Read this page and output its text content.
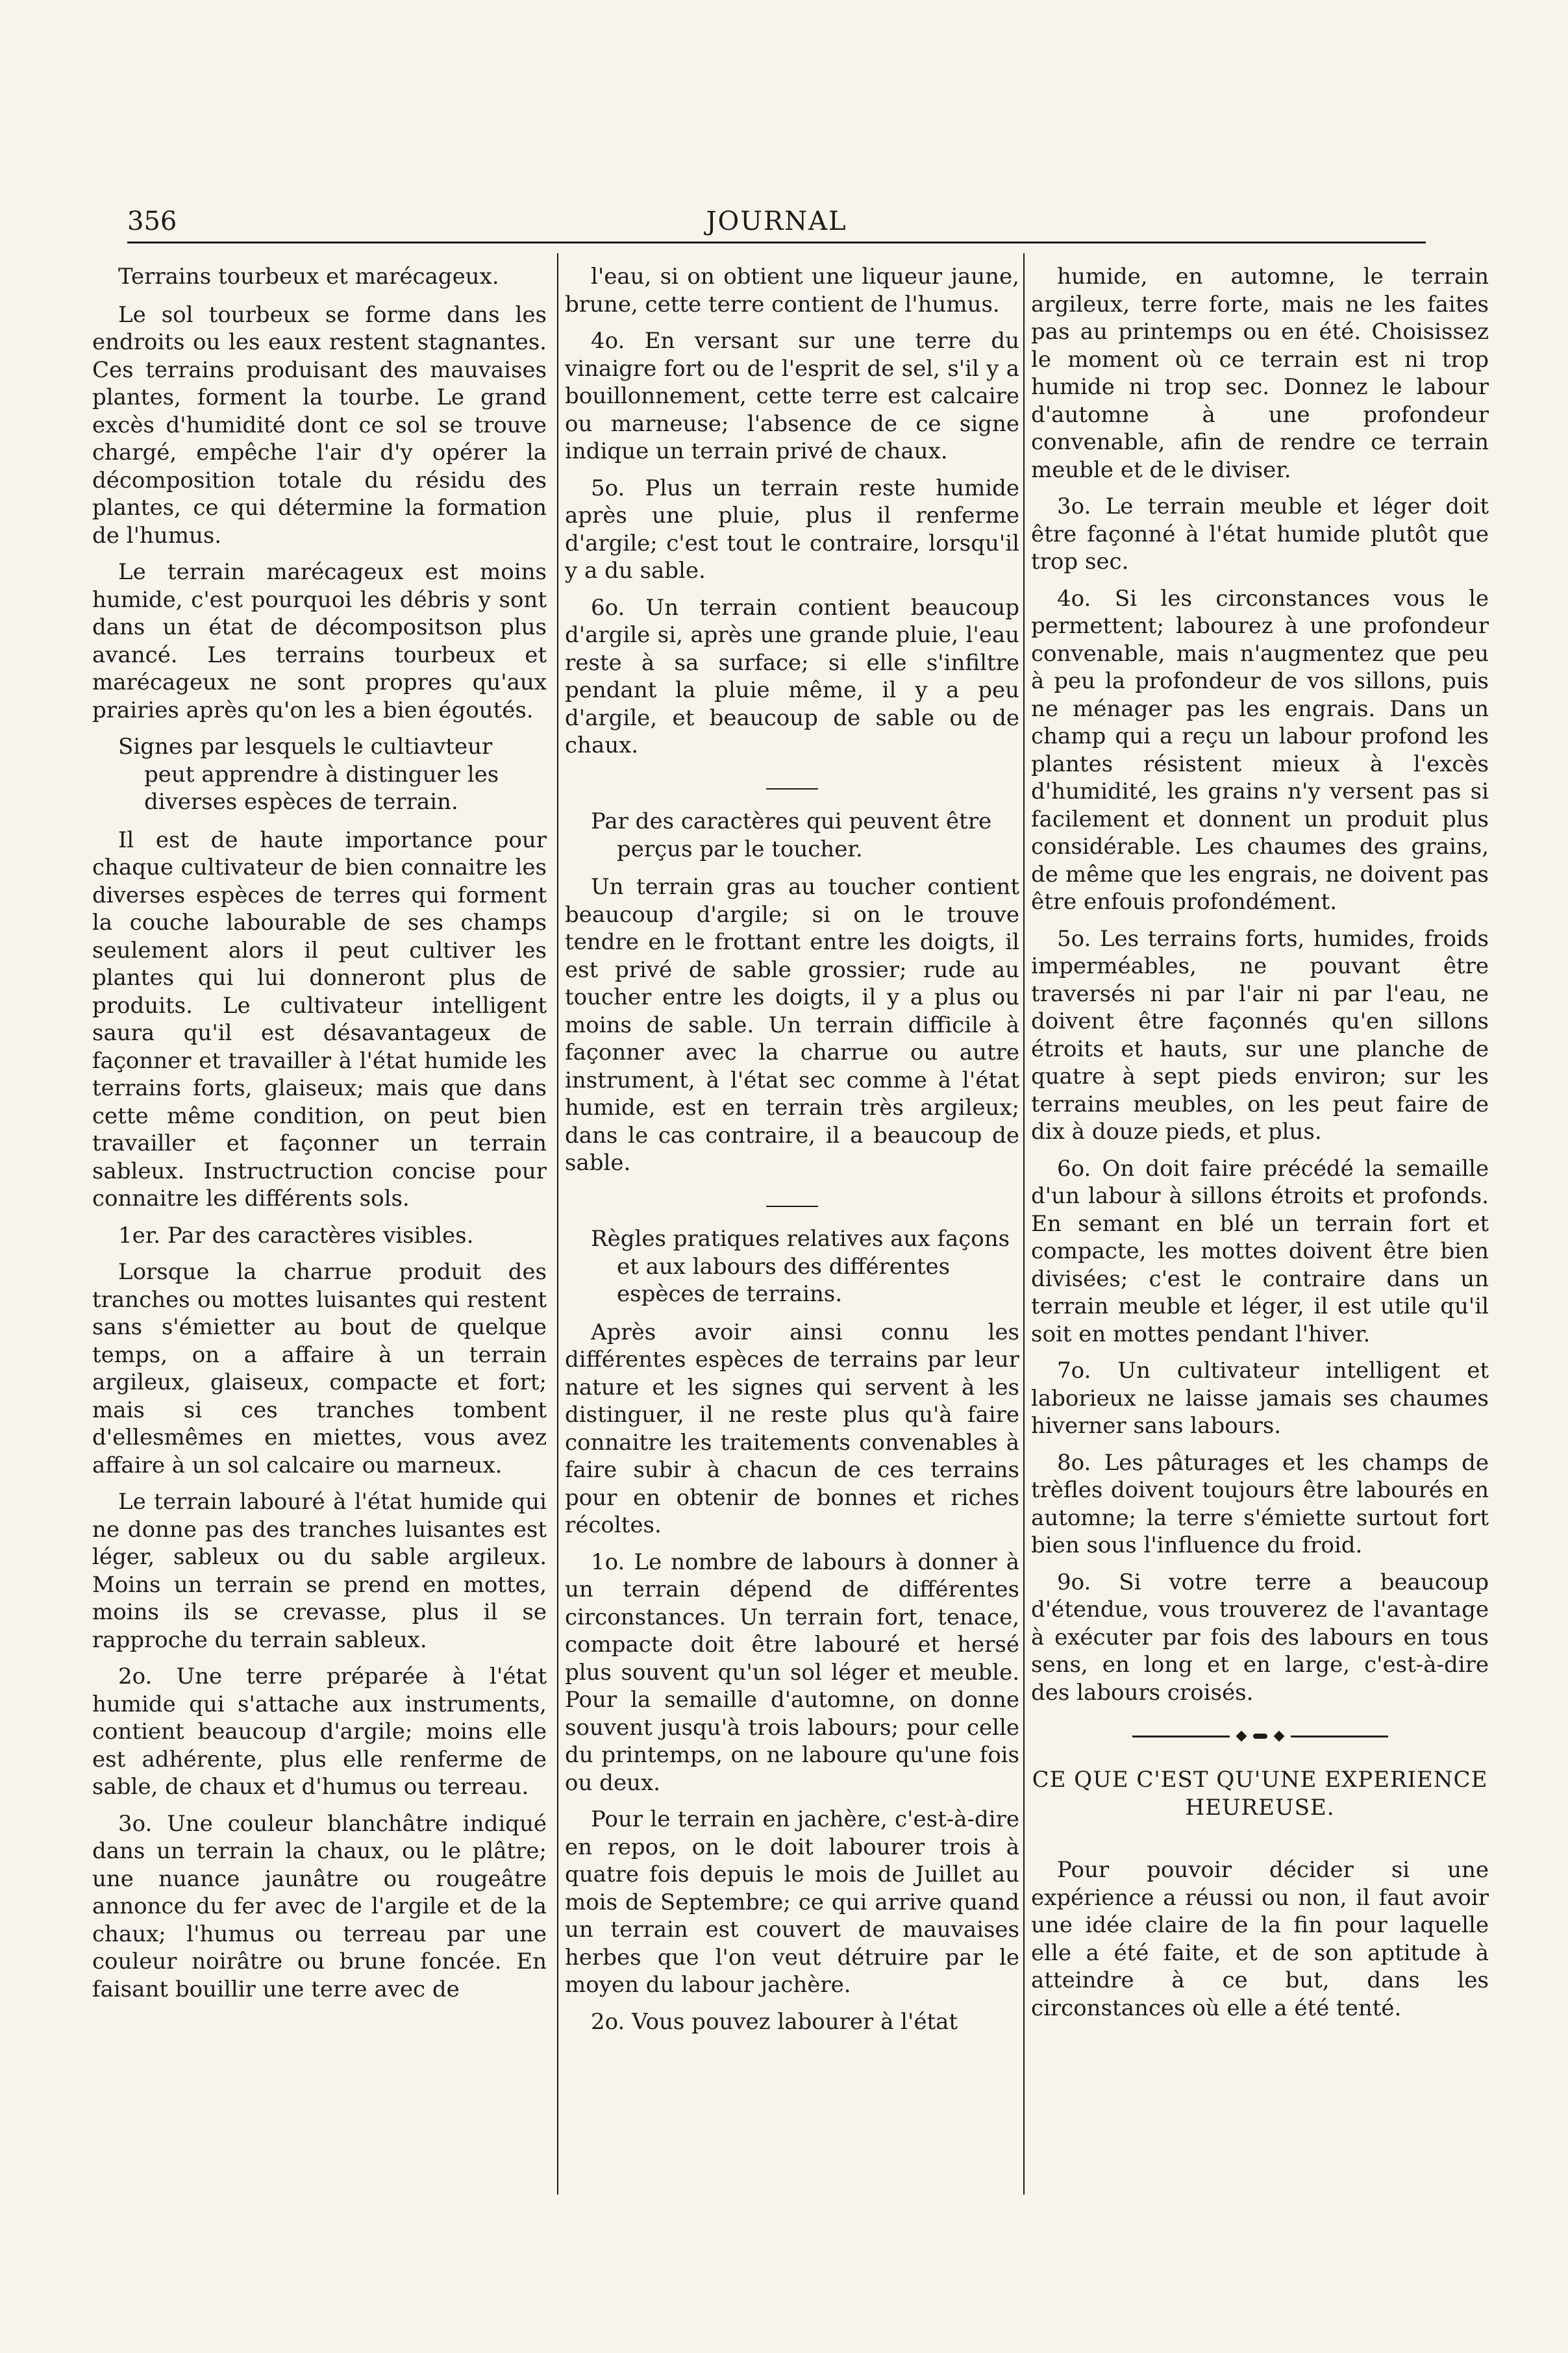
356	JOURNAL
Terrains tourbeux et marécageux.

Le sol tourbeux se forme dans les endroits ou les eaux restent stagnantes. Ces terrains produisant des mauvaises plantes, forment la tourbe. Le grand excès d'humidité dont ce sol se trouve chargé, empêche l'air d'y opérer la décomposition totale du résidu des plantes, ce qui détermine la formation de l'humus.

Le terrain marécageux est moins humide, c'est pourquoi les débris y sont dans un état de décompositson plus avancé. Les terrains tourbeux et marécageux ne sont propres qu'aux prairies après qu'on les a bien égoutés.

Signes par lesquels le cultiavteur peut apprendre à distinguer les diverses espèces de terrain.

Il est de haute importance pour chaque cultivateur de bien connaitre les diverses espèces de terres qui forment la couche labourable de ses champs seulement alors il peut cultiver les plantes qui lui donneront plus de produits. Le cultivateur intelligent saura qu'il est désavantageux de façonner et travailler à l'état humide les terrains forts, glaiseux; mais que dans cette même condition, on peut bien travailler et façonner un terrain sableux. Instructruction concise pour connaitre les différents sols.

1er. Par des caractères visibles.

Lorsque la charrue produit des tranches ou mottes luisantes qui restent sans s'émietter au bout de quelque temps, on a affaire à un terrain argileux, glaiseux, compacte et fort; mais si ces tranches tombent d'ellesmêmes en miettes, vous avez affaire à un sol calcaire ou marneux.

Le terrain labouré à l'état humide qui ne donne pas des tranches luisantes est léger, sableux ou du sable argileux. Moins un terrain se prend en mottes, moins ils se crevasse, plus il se rapproche du terrain sableux.

2o. Une terre préparée à l'état humide qui s'attache aux instruments, contient beaucoup d'argile; moins elle est adhérente, plus elle renferme de sable, de chaux et d'humus ou terreau.

3o. Une couleur blanchâtre indiqué dans un terrain la chaux, ou le plâtre; une nuance jaunâtre ou rougeâtre annonce du fer avec de l'argile et de la chaux; l'humus ou terreau par une couleur noirâtre ou brune foncée. En faisant bouillir une terre avec de

l'eau, si on obtient une liqueur jaune, brune, cette terre contient de l'humus.

4o. En versant sur une terre du vinaigre fort ou de l'esprit de sel, s'il y a bouillonnement, cette terre est calcaire ou marneuse; l'absence de ce signe indique un terrain privé de chaux.

5o. Plus un terrain reste humide après une pluie, plus il renferme d'argile; c'est tout le contraire, lorsqu'il y a du sable.

6o. Un terrain contient beaucoup d'argile si, après une grande pluie, l'eau reste à sa surface; si elle s'infiltre pendant la pluie même, il y a peu d'argile, et beaucoup de sable ou de chaux.

Par des caractères qui peuvent être perçus par le toucher.

Un terrain gras au toucher contient beaucoup d'argile; si on le trouve tendre en le frottant entre les doigts, il est privé de sable grossier; rude au toucher entre les doigts, il y a plus ou moins de sable. Un terrain difficile à façonner avec la charrue ou autre instrument, à l'état sec comme à l'état humide, est en terrain très argileux; dans le cas contraire, il a beaucoup de sable.

Règles pratiques relatives aux façons et aux labours des différentes espèces de terrains.

Après avoir ainsi connu les différentes espèces de terrains par leur nature et les signes qui servent à les distinguer, il ne reste plus qu'à faire connaitre les traitements convenables à faire subir à chacun de ces terrains pour en obtenir de bonnes et riches récoltes.

1o. Le nombre de labours à donner à un terrain dépend de différentes circonstances. Un terrain fort, tenace, compacte doit être labouré et hersé plus souvent qu'un sol léger et meuble. Pour la semaille d'automne, on donne souvent jusqu'à trois labours; pour celle du printemps, on ne laboure qu'une fois ou deux.

Pour le terrain en jachère, c'est-à-dire en repos, on le doit labourer trois à quatre fois depuis le mois de Juillet au mois de Septembre; ce qui arrive quand un terrain est couvert de mauvaises herbes que l'on veut détruire par le moyen du labour jachère.

2o. Vous pouvez labourer à l'état

humide, en automne, le terrain argileux, terre forte, mais ne les faites pas au printemps ou en été. Choisissez le moment où ce terrain est ni trop humide ni trop sec. Donnez le labour d'automne à une profondeur convenable, afin de rendre ce terrain meuble et de le diviser.

3o. Le terrain meuble et léger doit être façonné à l'état humide plutôt que trop sec.

4o. Si les circonstances vous le permettent; labourez à une profondeur convenable, mais n'augmentez que peu à peu la profondeur de vos sillons, puis ne ménager pas les engrais. Dans un champ qui a reçu un labour profond les plantes résistent mieux à l'excès d'humidité, les grains n'y versent pas si facilement et donnent un produit plus considérable. Les chaumes des grains, de même que les engrais, ne doivent pas être enfouis profondément.

5o. Les terrains forts, humides, froids imperméables, ne pouvant être traversés ni par l'air ni par l'eau, ne doivent être façonnés qu'en sillons étroits et hauts, sur une planche de quatre à sept pieds environ; sur les terrains meubles, on les peut faire de dix à douze pieds, et plus.

6o. On doit faire précédé la semaille d'un labour à sillons étroits et profonds. En semant en blé un terrain fort et compacte, les mottes doivent être bien divisées; c'est le contraire dans un terrain meuble et léger, il est utile qu'il soit en mottes pendant l'hiver.

7o. Un cultivateur intelligent et laborieux ne laisse jamais ses chaumes hiverner sans labours.

8o. Les pâturages et les champs de trèfles doivent toujours être labourés en automne; la terre s'émiette surtout fort bien sous l'influence du froid.

9o. Si votre terre a beaucoup d'étendue, vous trouverez de l'avantage à exécuter par fois des labours en tous sens, en long et en large, c'est-à-dire des labours croisés.

CE QUE C'EST QU'UNE EXPERIENCE HEUREUSE.

Pour pouvoir décider si une expérience a réussi ou non, il faut avoir une idée claire de la fin pour laquelle elle a été faite, et de son aptitude à atteindre à ce but, dans les circonstances où elle a été tenté.
